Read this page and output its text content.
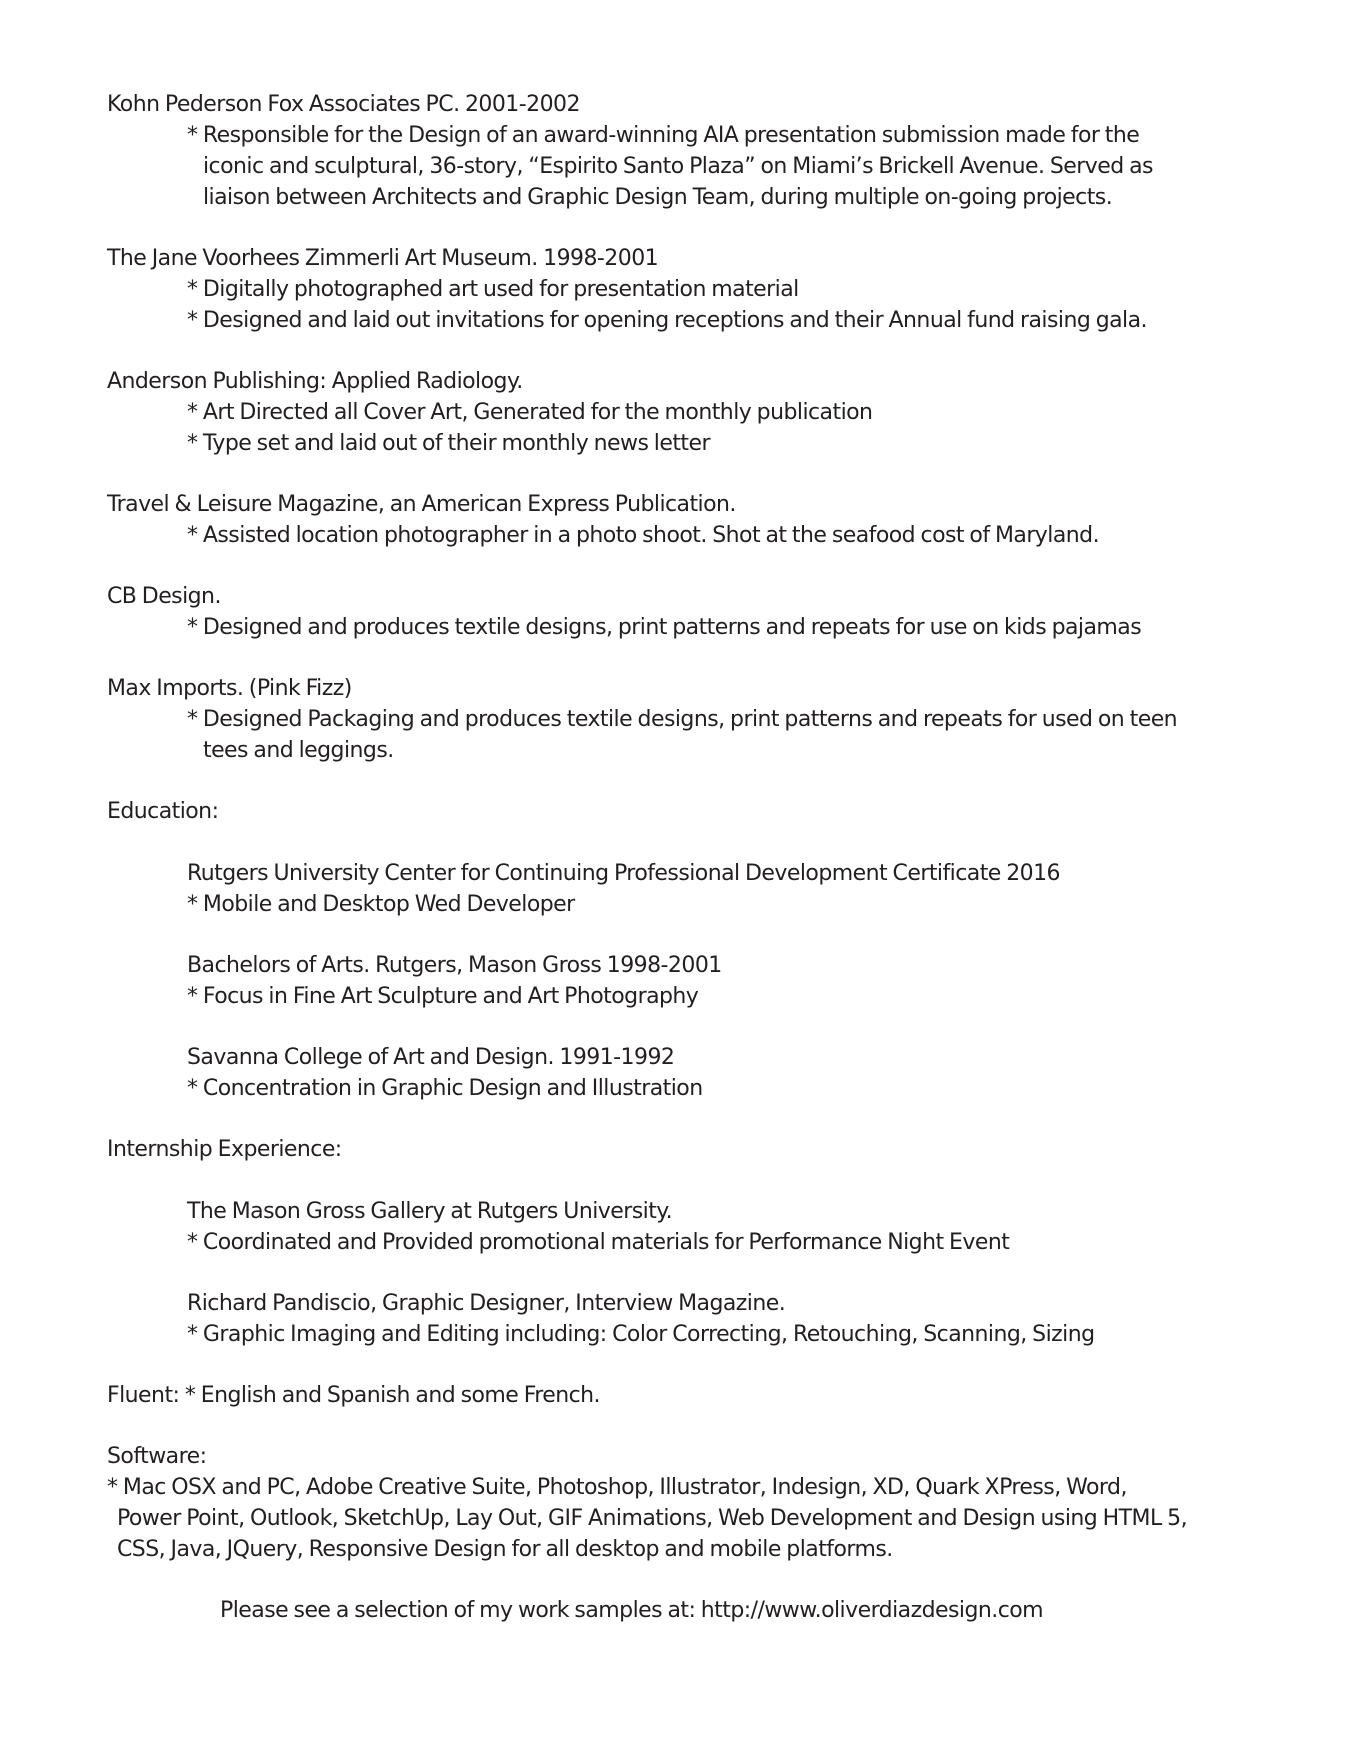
Kohn Pederson Fox Associates PC. 2001-2002
* Responsible for the Design of an award-winning AIA presentation submission made for the
iconic and sculptural, 36-story, “Espirito Santo Plaza” on Miami’s Brickell Avenue. Served as
liaison between Architects and Graphic Design Team, during multiple on-going projects.
The Jane Voorhees Zimmerli Art Museum. 1998-2001
* Digitally photographed art used for presentation material
* Designed and laid out invitations for opening receptions and their Annual fund raising gala.
Anderson Publishing: Applied Radiology.
* Art Directed all Cover Art, Generated for the monthly publication
* Type set and laid out of their monthly news letter
Travel & Leisure Magazine, an American Express Publication.
* Assisted location photographer in a photo shoot. Shot at the seafood cost of Maryland.
CB Design.
* Designed and produces textile designs, print patterns and repeats for use on kids pajamas
Max Imports. (Pink Fizz)
* Designed Packaging and produces textile designs, print patterns and repeats for used on teen
tees and leggings.
Education:
Rutgers University Center for Continuing Professional Development Certificate 2016
* Mobile and Desktop Wed Developer
Bachelors of Arts. Rutgers, Mason Gross 1998-2001
* Focus in Fine Art Sculpture and Art Photography
Savanna College of Art and Design. 1991-1992
* Concentration in Graphic Design and Illustration
Internship Experience:
The Mason Gross Gallery at Rutgers University.
* Coordinated and Provided promotional materials for Performance Night Event
Richard Pandiscio, Graphic Designer, Interview Magazine.
* Graphic Imaging and Editing including: Color Correcting, Retouching, Scanning, Sizing
Fluent: * English and Spanish and some French.
Software:
* Mac OSX and PC, Adobe Creative Suite, Photoshop, Illustrator, Indesign, XD, Quark XPress, Word,
Power Point, Outlook, SketchUp, Lay Out, GIF Animations, Web Development and Design using HTML 5,
CSS, Java, JQuery, Responsive Design for all desktop and mobile platforms.
Please see a selection of my work samples at: http://www.oliverdiazdesign.com
